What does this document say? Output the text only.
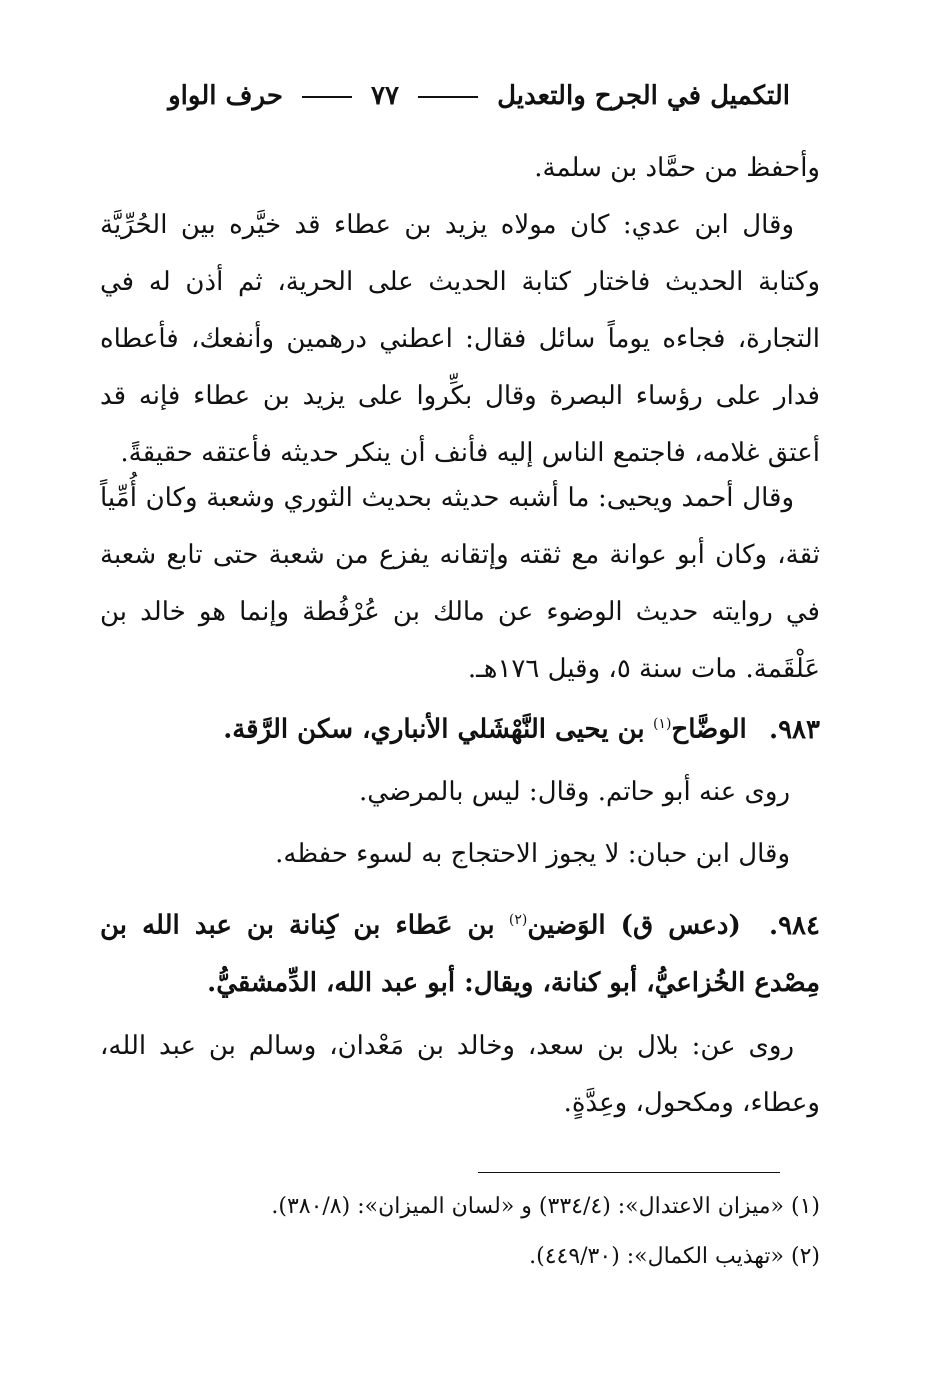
التكميل في الجرح والتعديل  ٧٧  حرف الواو

وأحفظ من حمَّاد بن سلمة.

وقال ابن عدي: كان مولاه يزيد بن عطاء قد خيَّره بين الحُرِّيَّة وكتابة الحديث فاختار كتابة الحديث على الحرية، ثم أذن له في التجارة، فجاءه يوماً سائل فقال: اعطني درهمين وأنفعك، فأعطاه فدار على رؤساء البصرة وقال بكِّروا على يزيد بن عطاء فإنه قد أعتق غلامه، فاجتمع الناس إليه فأنف أن ينكر حديثه فأعتقه حقيقةً.

وقال أحمد ويحيى: ما أشبه حديثه بحديث الثوري وشعبة وكان أُمِّياً ثقة، وكان أبو عوانة مع ثقته وإتقانه يفزع من شعبة حتى تابع شعبة في روايته حديث الوضوء عن مالك بن عُرْفُطة وإنما هو خالد بن عَلْقَمة. مات سنة ٥، وقيل ١٧٦هـ.

٩٨٣. الوضَّاح$^{(١)}$ بن يحيى النَّهْشَلي الأنباري، سكن الرَّقة.

روى عنه أبو حاتم. وقال: ليس بالمرضي.

وقال ابن حبان: لا يجوز الاحتجاج به لسوء حفظه.

٩٨٤. (دعس ق) الوَضين$^{(٢)}$ بن عَطاء بن كِنانة بن عبد الله بن مِصْدع الخُزاعيُّ، أبو كنانة، ويقال: أبو عبد الله، الدِّمشقيُّ.

روى عن: بلال بن سعد، وخالد بن مَعْدان، وسالم بن عبد الله، وعطاء، ومكحول، وعِدَّةٍ.

(١) «ميزان الاعتدال»: (٣٣٤/٤) و «لسان الميزان»: (٣٨٠/٨).
(٢) «تهذيب الكمال»: (٤٤٩/٣٠).
